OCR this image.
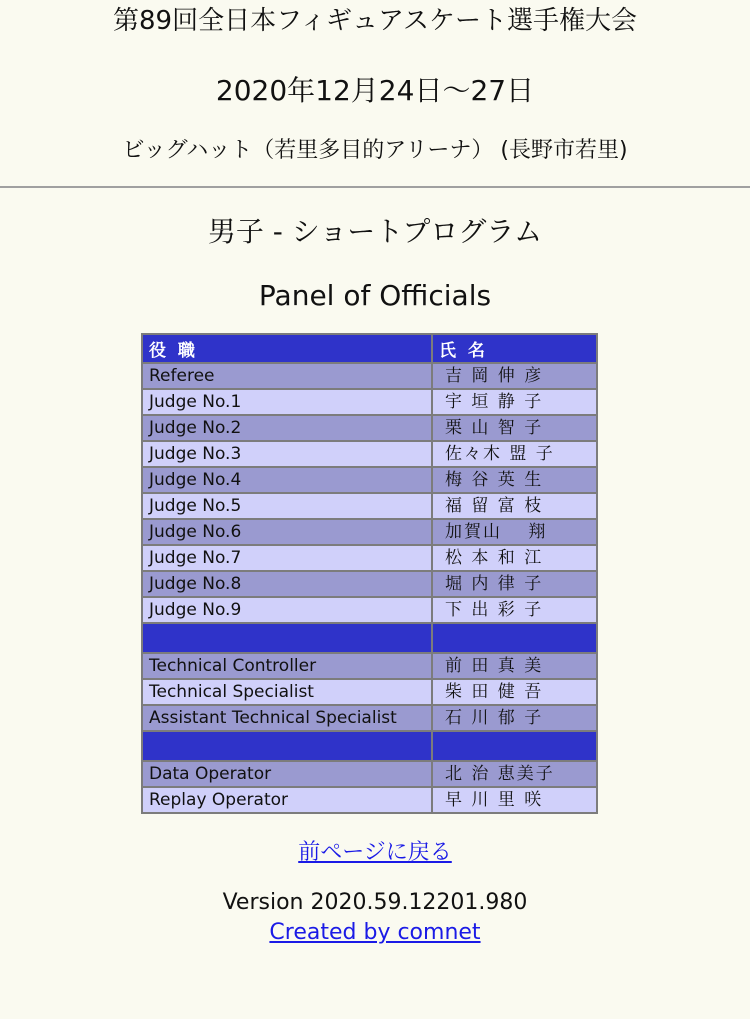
第89回全日本フィギュアスケート選手権大会
2020年12月24日〜27日
ビッグハット（若里多目的アリーナ） (長野市若里)
男子 - ショートプログラム
Panel of Officials
役 職	氏 名
Referee	吉 岡 伸 彦
Judge No.1	宇 垣 静 子
Judge No.2	栗 山 智 子
Judge No.3	佐々木 盟 子
Judge No.4	梅 谷 英 生
Judge No.5	福 留 富 枝
Judge No.6	加賀山 　翔
Judge No.7	松 本 和 江
Judge No.8	堀 内 律 子
Judge No.9	下 出 彩 子

Technical Controller	前 田 真 美
Technical Specialist	柴 田 健 吾
Assistant Technical Specialist	石 川 郁 子

Data Operator	北 治 恵美子
Replay Operator	早 川 里 咲
前ページに戻る
Version 2020.59.12201.980
Created by comnet
